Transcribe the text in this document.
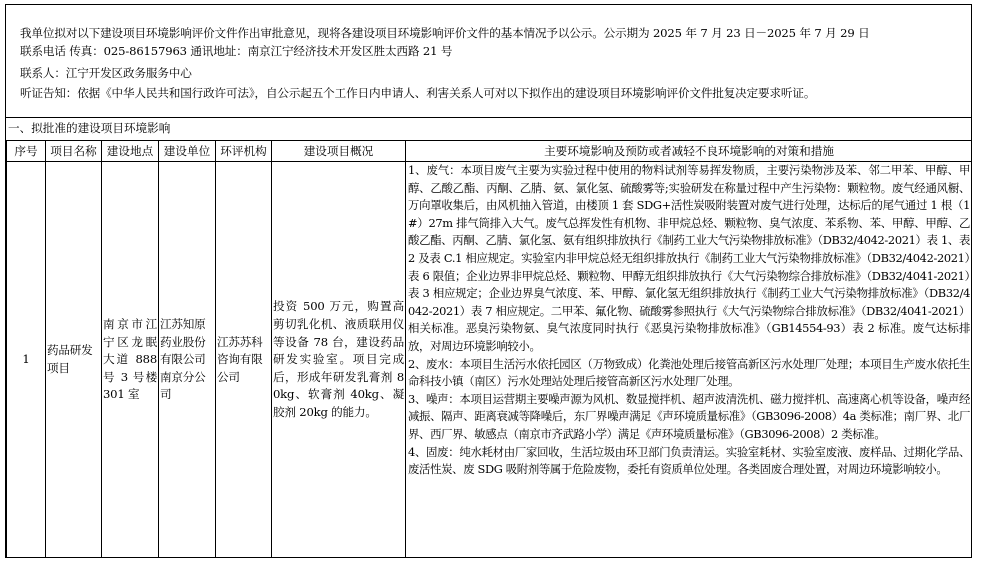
我单位拟对以下建设项目环境影响评价文件作出审批意见，现将各建设项目环境影响评价文件的基本情况予以公示。公示期为 2025 年 7 月 23 日－2025 年 7 月 29 日
联系电话 传真：025-86157963 通讯地址：南京江宁经济技术开发区胜太西路 21 号
联系人：江宁开发区政务服务中心
听证告知：依据《中华人民共和国行政许可法》，自公示起五个工作日内申请人、利害关系人可对以下拟作出的建设项目环境影响评价文件批复决定要求听证。
一、拟批准的建设项目环境影响
序号	项目名称	建设地点	建设单位	环评机构	建设项目概况	主要环境影响及预防或者减轻不良环境影响的对策和措施

1	药品研发项目	南京市江宁区龙眠大道 888 号 3 号楼 301 室	江苏知原药业股份有限公司南京分公司	江苏苏科咨询有限公司	投资 500 万元，购置高剪切乳化机、液质联用仪等设备 78 台，建设药品研发实验室。项目完成后，形成年研发乳膏剂 80kg、软膏剂 40kg、凝胶剂 20kg 的能力。	1、废气：本项目废气主要为实验过程中使用的物料试剂等易挥发物质，主要污染物涉及苯、邻二甲苯、甲醇、甲醇、乙酸乙酯、丙酮、乙腈、氨、氯化氢、硫酸雾等;实验研发在称量过程中产生污染物：颗粒物。废气经通风橱、万向罩收集后，由风机抽入管道，由楼顶 1 套 SDG+活性炭吸附装置对废气进行处理，达标后的尾气通过 1 根（1#）27m 排气筒排入大气。废气总挥发性有机物、非甲烷总烃、颗粒物、臭气浓度、苯系物、苯、甲醇、甲醇、乙酸乙酯、丙酮、乙腈、氯化氢、氨有组织排放执行《制药工业大气污染物排放标准》（DB32/4042-2021）表 1、表 2 及表 C.1 相应规定。实验室内非甲烷总烃无组织排放执行《制药工业大气污染物排放标准》（DB32/4042-2021）表 6 限值；企业边界非甲烷总烃、颗粒物、甲醇无组织排放执行《大气污染物综合排放标准》（DB32/4041-2021）表 3 相应规定；企业边界臭气浓度、苯、甲醇、氯化氢无组织排放执行《制药工业大气污染物排放标准》（DB32/4042-2021）表 7 相应规定。二甲苯、氟化物、硫酸雾参照执行《大气污染物综合排放标准》（DB32/4041-2021）相关标准。恶臭污染物氨、臭气浓度同时执行《恶臭污染物排放标准》（GB14554-93）表 2 标准。废气达标排放，对周边环境影响较小。

2、废水：本项目生活污水依托园区（万物致成）化粪池处理后接管高新区污水处理厂处理；本项目生产废水依托生命科技小镇（南区）污水处理站处理后接管高新区污水处理厂处理。

3、噪声：本项目运营期主要噪声源为风机、数显搅拌机、超声波清洗机、磁力搅拌机、高速离心机等设备，噪声经减振、隔声、距离衰减等降噪后，东厂界噪声满足《声环境质量标准》（GB3096-2008）4a 类标准；南厂界、北厂界、西厂界、敏感点（南京市齐武路小学）满足《声环境质量标准》（GB3096-2008）2 类标准。

4、固废：纯水耗材由厂家回收，生活垃圾由环卫部门负责清运。实验室耗材、实验室废液、废样品、过期化学品、废活性炭、废 SDG 吸附剂等属于危险废物，委托有资质单位处理。各类固废合理处置，对周边环境影响较小。
